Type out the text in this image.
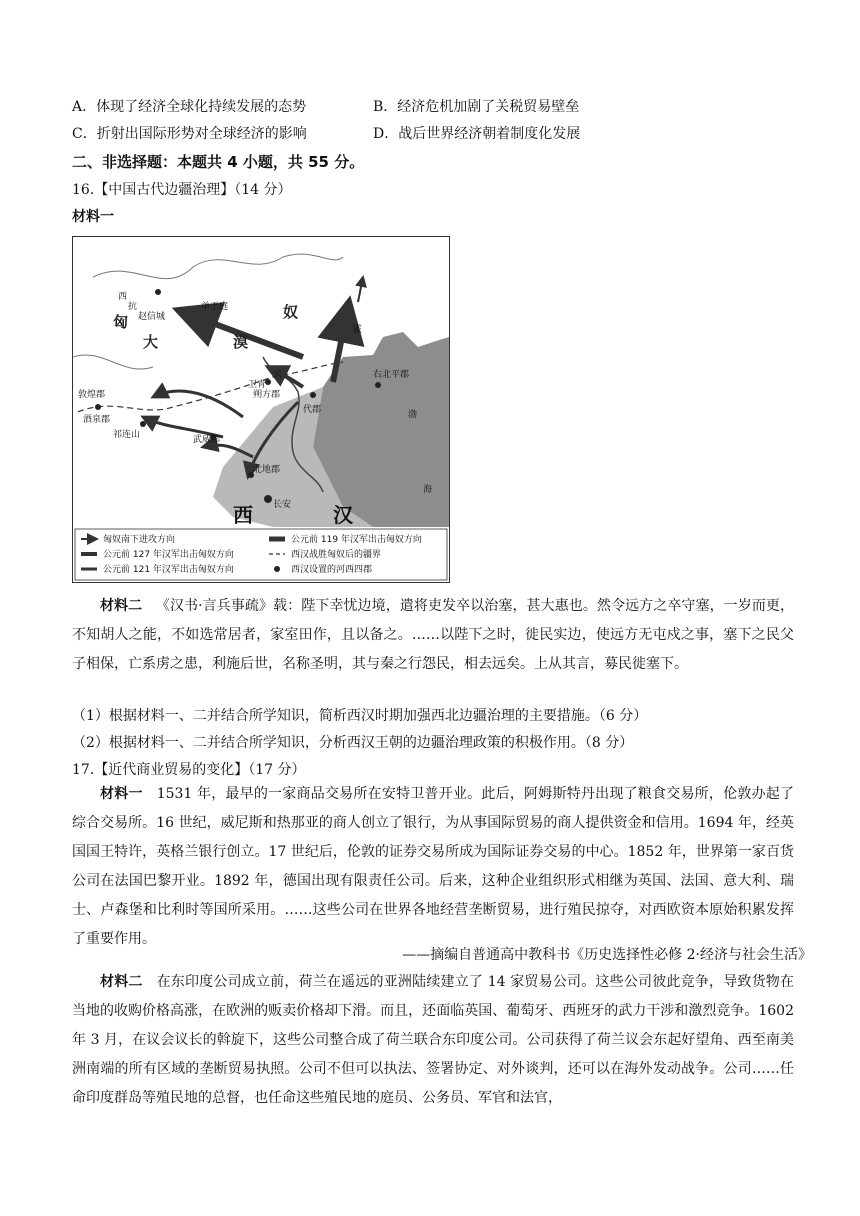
A．体现了经济全球化持续发展的态势	B．经济危机加剧了关税贸易壁垒
C．折射出国际形势对全球经济的影响	D．战后世界经济朝着制度化发展
二、非选择题：本题共 4 小题，共 55 分。
16.【中国古代边疆治理】（14 分）
材料一
西
抗
赵信城
单于庭
匈
大	漠
奴
卫青
霍
云
敦煌郡
酒泉郡
祁连山	武威郡
朔方郡
北地郡
代郡
右北平郡
长安
西	汉
渤
海
匈奴南下进攻方向
公元前 127 年汉军出击匈奴方向
公元前 121 年汉军出击匈奴方向
公元前 119 年汉军出击匈奴方向
西汉战胜匈奴后的疆界
西汉设置的河西四郡
材料二 《汉书·言兵事疏》载：陛下幸忧边境，遣将吏发卒以治塞，甚大惠也。然令远方之卒守塞，一岁而更，不知胡人之能，不如选常居者，家室田作，且以备之。……以陛下之时，徙民实边，使远方无屯戍之事，塞下之民父子相保，亡系虏之患，利施后世，名称圣明，其与秦之行怨民，相去远矣。上从其言，募民徙塞下。
（1）根据材料一、二并结合所学知识，简析西汉时期加强西北边疆治理的主要措施。（6 分）
（2）根据材料一、二并结合所学知识，分析西汉王朝的边疆治理政策的积极作用。（8 分）
17.【近代商业贸易的变化】（17 分）
材料一 1531 年，最早的一家商品交易所在安特卫普开业。此后，阿姆斯特丹出现了粮食交易所，伦敦办起了综合交易所。16 世纪，威尼斯和热那亚的商人创立了银行，为从事国际贸易的商人提供资金和信用。1694 年，经英国国王特许，英格兰银行创立。17 世纪后，伦敦的证券交易所成为国际证券交易的中心。1852 年，世界第一家百货公司在法国巴黎开业。1892 年，德国出现有限责任公司。后来，这种企业组织形式相继为英国、法国、意大利、瑞士、卢森堡和比利时等国所采用。……这些公司在世界各地经营垄断贸易，进行殖民掠夺，对西欧资本原始积累发挥了重要作用。
——摘编自普通高中教科书《历史选择性必修 2·经济与社会生活》
材料二 在东印度公司成立前，荷兰在遥远的亚洲陆续建立了 14 家贸易公司。这些公司彼此竞争，导致货物在当地的收购价格高涨，在欧洲的贩卖价格却下滑。而且，还面临英国、葡萄牙、西班牙的武力干涉和激烈竞争。1602 年 3 月，在议会议长的斡旋下，这些公司整合成了荷兰联合东印度公司。公司获得了荷兰议会东起好望角、西至南美洲南端的所有区域的垄断贸易执照。公司不但可以执法、签署协定、对外谈判，还可以在海外发动战争。公司……任命印度群岛等殖民地的总督，也任命这些殖民地的庭员、公务员、军官和法官，
